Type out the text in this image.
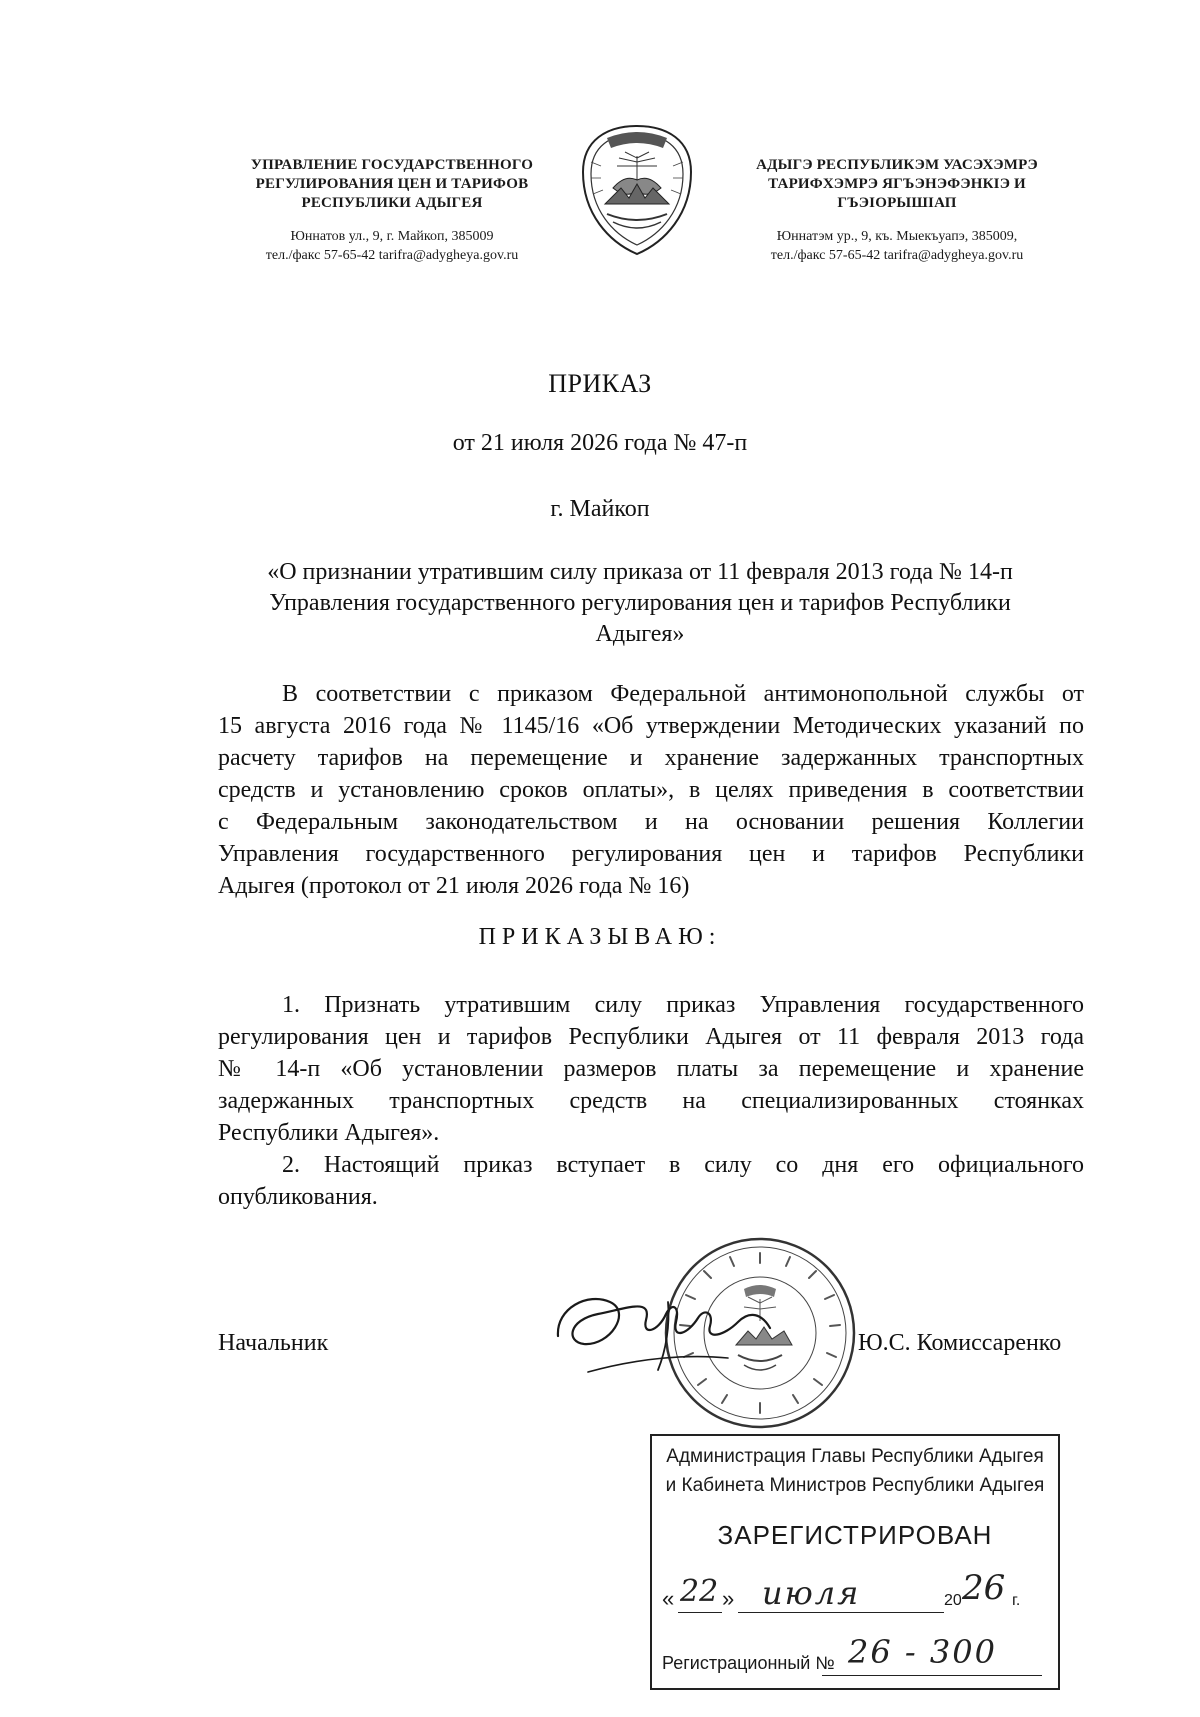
УПРАВЛЕНИЕ ГОСУДАРСТВЕННОГО
РЕГУЛИРОВАНИЯ ЦЕН И ТАРИФОВ
РЕСПУБЛИКИ АДЫГЕЯ
Юннатов ул., 9, г. Майкоп, 385009
тел./факс 57-65-42 tarifra@adygheya.gov.ru
АДЫГЭ РЕСПУБЛИКЭМ УАСЭХЭМРЭ
ТАРИФХЭМРЭ ЯГЪЭНЭФЭНКIЭ И
ГЪЭIОРЫШIАП
Юннатэм ур., 9, къ. Мыекъуапэ, 385009,
тел./факс 57-65-42 tarifra@adygheya.gov.ru
ПРИКАЗ
от 21 июля 2026 года № 47-п
г. Майкоп
«О признании утратившим силу приказа от 11 февраля 2013 года № 14-п
Управления государственного регулирования цен и тарифов Республики
Адыгея»
В соответствии с приказом Федеральной антимонопольной службы от
15 августа 2016 года № 1145/16 «Об утверждении Методических указаний по
расчету тарифов на перемещение и хранение задержанных транспортных
средств и установлению сроков оплаты», в целях приведения в соответствии
с Федеральным законодательством и на основании решения Коллегии
Управления государственного регулирования цен и тарифов Республики
Адыгея (протокол от 21 июля 2026 года № 16)
ПРИКАЗЫВАЮ:
1. Признать утратившим силу приказ Управления государственного
регулирования цен и тарифов Республики Адыгея от 11 февраля 2013 года
№ 14-п «Об установлении размеров платы за перемещение и хранение
задержанных транспортных средств на специализированных стоянках
Республики Адыгея».
2. Настоящий приказ вступает в силу со дня его официального
опубликования.
Начальник	Ю.С. Комиссаренко
Администрация Главы Республики Адыгея
и Кабинета Министров Республики Адыгея
ЗАРЕГИСТРИРОВАН
« 22 » июля	20 26 г.
Регистрационный № 26 - 300
